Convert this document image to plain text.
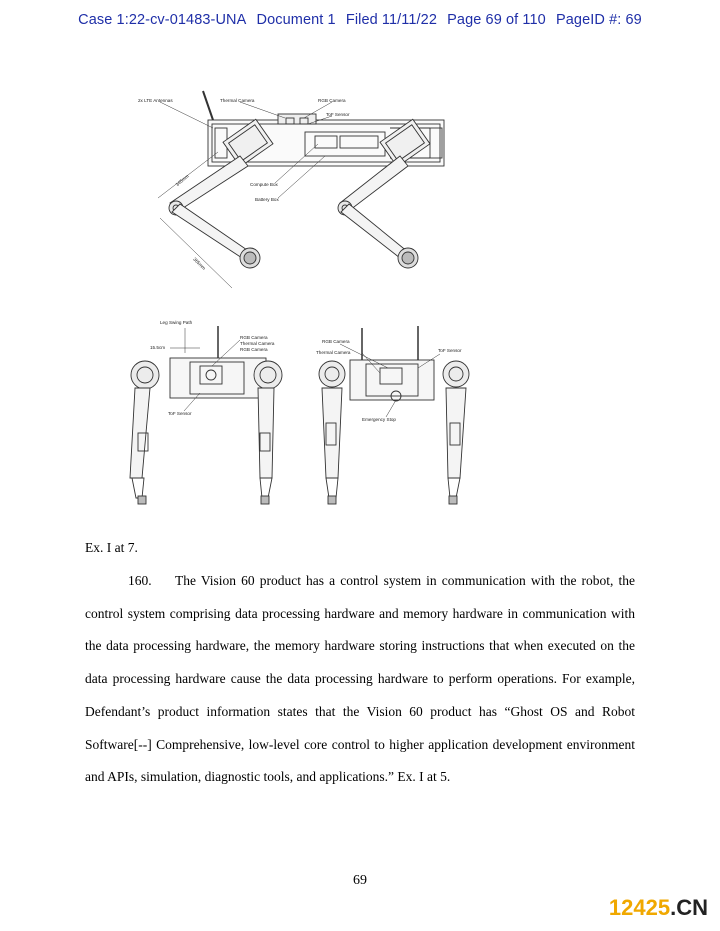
Case 1:22-cv-01483-UNA Document 1 Filed 11/11/22 Page 69 of 110 PageID #: 69
2x LTE Antennas	Thermal Camera	RGB Camera
ToF Sensor
Compute Box
Battery Box
345mm
365mm
Leg Swing Path
15.5cm
RGB Camera
Thermal Camera
RGB Camera
ToF Sensor
RGB Camera
Thermal Camera	ToF Sensor
Emergency Stop
Ex. I at 7.
160. The Vision 60 product has a control system in communication with the robot, the control system comprising data processing hardware and memory hardware in communication with the data processing hardware, the memory hardware storing instructions that when executed on the data processing hardware cause the data processing hardware to perform operations. For example, Defendant’s product information states that the Vision 60 product has “Ghost OS and Robot Software[--] Comprehensive, low-level core control to higher application development environment and APIs, simulation, diagnostic tools, and applications.” Ex. I at 5.
69
12425.CN
